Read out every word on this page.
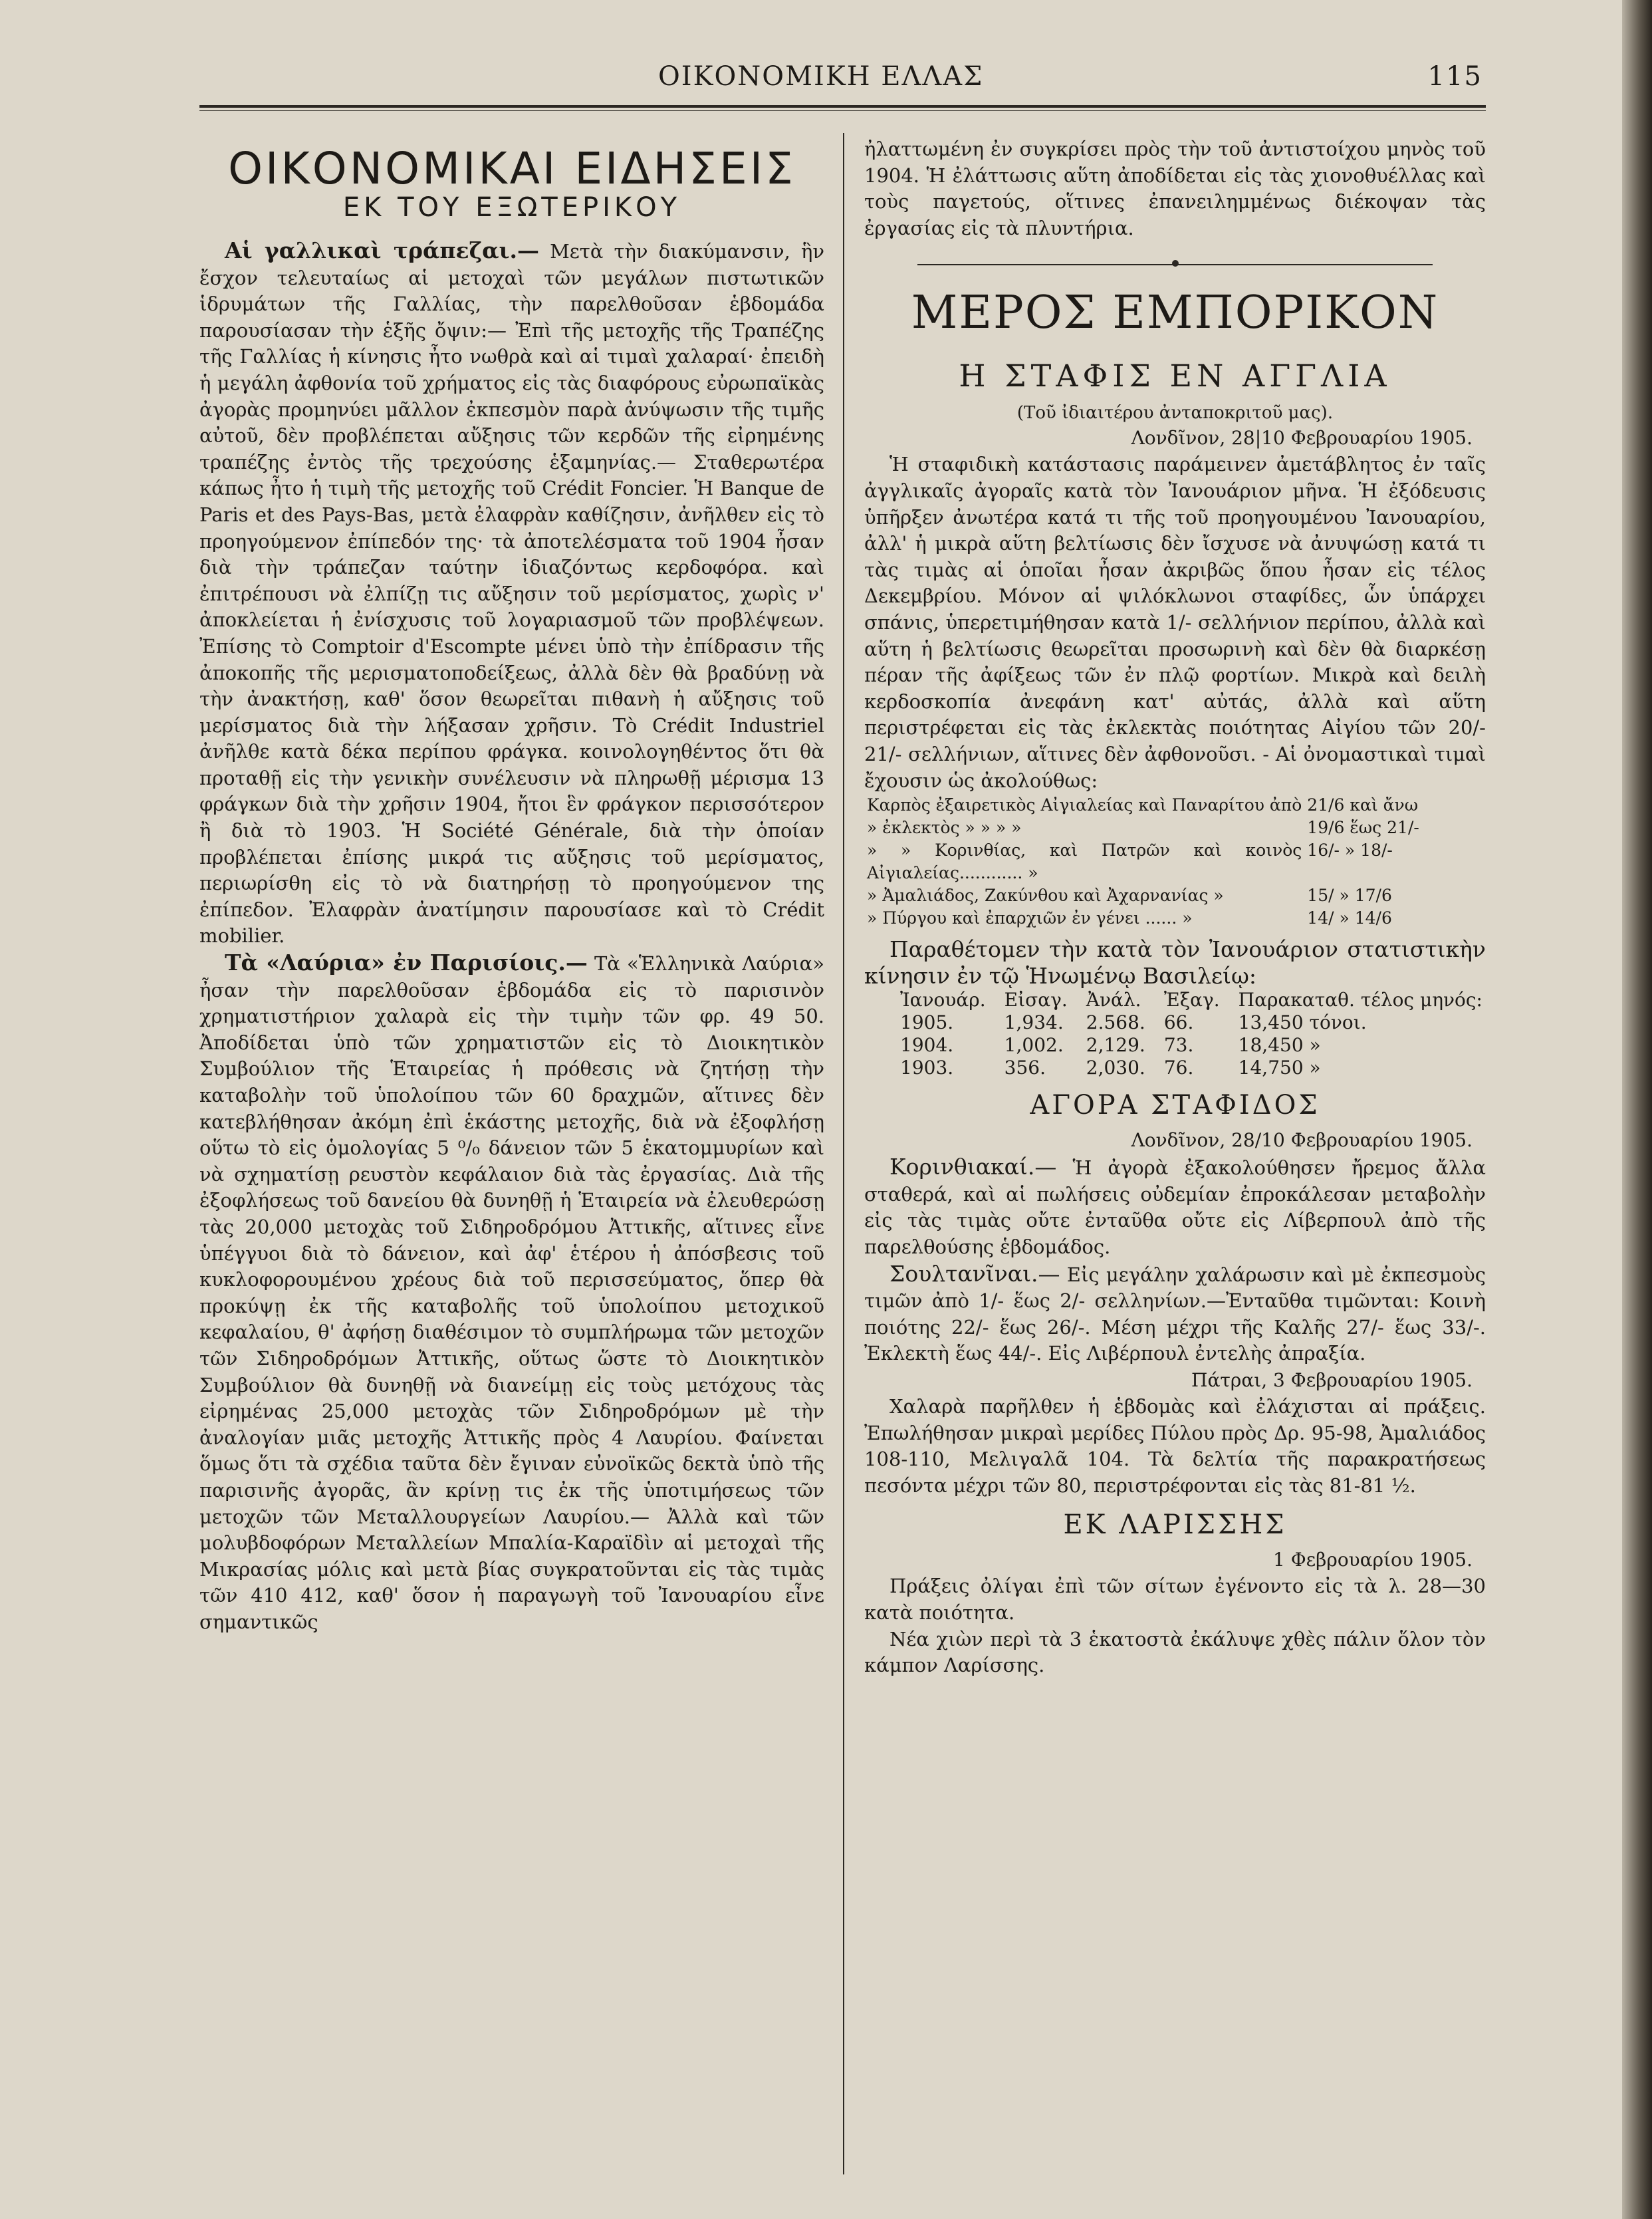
ΟΙΚΟΝΟΜΙΚΗ ΕΛΛΑΣ	115
ΟΙΚΟΝΟΜΙΚΑΙ ΕΙΔΗΣΕΙΣ
ΕΚ ΤΟΥ ΕΞΩΤΕΡΙΚΟΥ

Αἱ γαλλικαὶ τράπεζαι.— Μετὰ τὴν διακύμανσιν, ἣν ἔσχον τελευταίως αἱ μετοχαὶ τῶν μεγάλων πιστωτικῶν ἱδρυμάτων τῆς Γαλλίας, τὴν παρελθοῦσαν ἑβδομάδα παρουσίασαν τὴν ἑξῆς ὄψιν:— Ἐπὶ τῆς μετοχῆς τῆς Τραπέζης τῆς Γαλλίας ἡ κίνησις ἦτο νωθρὰ καὶ αἱ τιμαὶ χαλαραί· ἐπειδὴ ἡ μεγάλη ἀφθονία τοῦ χρήματος εἰς τὰς διαφόρους εὐρωπαϊκὰς ἀγορὰς προμηνύει μᾶλλον ἐκπεσμὸν παρὰ ἀνύψωσιν τῆς τιμῆς αὐτοῦ, δὲν προβλέπεται αὔξησις τῶν κερδῶν τῆς εἰρημένης τραπέζης ἐντὸς τῆς τρεχούσης ἑξαμηνίας.— Σταθερωτέρα κάπως ἦτο ἡ τιμὴ τῆς μετοχῆς τοῦ Crédit Foncier. Ἡ Banque de Paris et des Pays-Bas, μετὰ ἐλαφρὰν καθίζησιν, ἀνῆλθεν εἰς τὸ προηγούμενον ἐπίπεδόν της· τὰ ἀποτελέσματα τοῦ 1904 ἦσαν διὰ τὴν τράπεζαν ταύτην ἰδιαζόντως κερδοφόρα. καὶ ἐπιτρέπουσι νὰ ἐλπίζῃ τις αὔξησιν τοῦ μερίσματος, χωρὶς ν' ἀποκλείεται ἡ ἐνίσχυσις τοῦ λογαριασμοῦ τῶν προβλέψεων. Ἐπίσης τὸ Comptoir d'Escompte μένει ὑπὸ τὴν ἐπίδρασιν τῆς ἀποκοπῆς τῆς μερισματοποδείξεως, ἀλλὰ δὲν θὰ βραδύνῃ νὰ τὴν ἀνακτήσῃ, καθ' ὅσον θεωρεῖται πιθανὴ ἡ αὔξησις τοῦ μερίσματος διὰ τὴν λήξασαν χρῆσιν. Τὸ Crédit Industriel ἀνῆλθε κατὰ δέκα περίπου φράγκα. κοινολογηθέντος ὅτι θὰ προταθῇ εἰς τὴν γενικὴν συνέλευσιν νὰ πληρωθῇ μέρισμα 13 φράγκων διὰ τὴν χρῆσιν 1904, ἤτοι ἓν φράγκον περισσότερον ἢ διὰ τὸ 1903. Ἡ Société Générale, διὰ τὴν ὁποίαν προβλέπεται ἐπίσης μικρά τις αὔξησις τοῦ μερίσματος, περιωρίσθη εἰς τὸ νὰ διατηρήσῃ τὸ προηγούμενον της ἐπίπεδον. Ἐλαφρὰν ἀνατίμησιν παρουσίασε καὶ τὸ Crédit mobilier.

Τὰ «Λαύρια» ἐν Παρισίοις.— Τὰ «Ἑλληνικὰ Λαύρια» ἦσαν τὴν παρελθοῦσαν ἑβδομάδα εἰς τὸ παρισινὸν χρηματιστήριον χαλαρὰ εἰς τὴν τιμὴν τῶν φρ. 49 50. Ἀποδίδεται ὑπὸ τῶν χρηματιστῶν εἰς τὸ Διοικητικὸν Συμβούλιον τῆς Ἑταιρείας ἡ πρόθεσις νὰ ζητήσῃ τὴν καταβολὴν τοῦ ὑπολοίπου τῶν 60 δραχμῶν, αἵτινες δὲν κατεβλήθησαν ἀκόμη ἐπὶ ἑκάστης μετοχῆς, διὰ νὰ ἐξοφλήσῃ οὕτω τὸ εἰς ὁμολογίας 5 ⁰/₀ δάνειον τῶν 5 ἑκατομμυρίων καὶ νὰ σχηματίσῃ ρευστὸν κεφάλαιον διὰ τὰς ἐργασίας. Διὰ τῆς ἐξοφλήσεως τοῦ δανείου θὰ δυνηθῇ ἡ Ἑταιρεία νὰ ἐλευθερώσῃ τὰς 20,000 μετοχὰς τοῦ Σιδηροδρόμου Ἀττικῆς, αἵτινες εἶνε ὑπέγγυοι διὰ τὸ δάνειον, καὶ ἀφ' ἑτέρου ἡ ἀπόσβεσις τοῦ κυκλοφορουμένου χρέους διὰ τοῦ περισσεύματος, ὅπερ θὰ προκύψῃ ἐκ τῆς καταβολῆς τοῦ ὑπολοίπου μετοχικοῦ κεφαλαίου, θ' ἀφήσῃ διαθέσιμον τὸ συμπλήρωμα τῶν μετοχῶν τῶν Σιδηροδρόμων Ἀττικῆς, οὕτως ὥστε τὸ Διοικητικὸν Συμβούλιον θὰ δυνηθῇ νὰ διανείμῃ εἰς τοὺς μετόχους τὰς εἰρημένας 25,000 μετοχὰς τῶν Σιδηροδρόμων μὲ τὴν ἀναλογίαν μιᾶς μετοχῆς Ἀττικῆς πρὸς 4 Λαυρίου. Φαίνεται ὅμως ὅτι τὰ σχέδια ταῦτα δὲν ἔγιναν εὐνοϊκῶς δεκτὰ ὑπὸ τῆς παρισινῆς ἀγορᾶς, ἂν κρίνῃ τις ἐκ τῆς ὑποτιμήσεως τῶν μετοχῶν τῶν Μεταλλουργείων Λαυρίου.— Ἀλλὰ καὶ τῶν μολυβδοφόρων Μεταλλείων Μπαλία-Καραϊδὶν αἱ μετοχαὶ τῆς Μικρασίας μόλις καὶ μετὰ βίας συγκρατοῦνται εἰς τὰς τιμὰς τῶν 410 412, καθ' ὅσον ἡ παραγωγὴ τοῦ Ἰανουαρίου εἶνε σημαντικῶς

ἠλαττωμένη ἐν συγκρίσει πρὸς τὴν τοῦ ἀντιστοίχου μηνὸς τοῦ 1904. Ἡ ἐλάττωσις αὕτη ἀποδίδεται εἰς τὰς χιονοθυέλλας καὶ τοὺς παγετούς, οἵτινες ἐπανειλημμένως διέκοψαν τὰς ἐργασίας εἰς τὰ πλυντήρια.

ΜΕΡΟΣ ΕΜΠΟΡΙΚΟΝ
Η ΣΤΑΦΙΣ ΕΝ ΑΓΓΛΙΑ
(Τοῦ ἰδιαιτέρου ἀνταποκριτοῦ μας).
Λονδῖνον, 28|10 Φεβρουαρίου 1905.

Ἡ σταφιδικὴ κατάστασις παράμεινεν ἀμετάβλητος ἐν ταῖς ἀγγλικαῖς ἀγοραῖς κατὰ τὸν Ἰανουάριον μῆνα. Ἡ ἐξόδευσις ὑπῆρξεν ἀνωτέρα κατά τι τῆς τοῦ προηγουμένου Ἰανουαρίου, ἀλλ' ἡ μικρὰ αὕτη βελτίωσις δὲν ἴσχυσε νὰ ἀνυψώσῃ κατά τι τὰς τιμὰς αἱ ὁποῖαι ἦσαν ἀκριβῶς ὅπου ἦσαν εἰς τέλος Δεκεμβρίου. Μόνον αἱ ψιλόκλωνοι σταφίδες, ὧν ὑπάρχει σπάνις, ὑπερετιμήθησαν κατὰ 1/- σελλήνιον περίπου, ἀλλὰ καὶ αὕτη ἡ βελτίωσις θεωρεῖται προσωρινὴ καὶ δὲν θὰ διαρκέσῃ πέραν τῆς ἀφίξεως τῶν ἐν πλῷ φορτίων. Μικρὰ καὶ δειλὴ κερδοσκοπία ἀνεφάνη κατ' αὐτάς, ἀλλὰ καὶ αὕτη περιστρέφεται εἰς τὰς ἐκλεκτὰς ποιότητας Αἰγίου τῶν 20/- 21/- σελλήνιων, αἵτινες δὲν ἀφθονοῦσι. - Αἱ ὀνομαστικαὶ τιμαὶ ἔχουσιν ὡς ἀκολούθως:

Καρπὸς ἐξαιρετικὸς Αἰγιαλείας καὶ Παναρίτου ἀπὸ	21/6 καὶ ἄνω
» ἐκλεκτὸς » » » »	19/6 ἕως 21/-
» » Κορινθίας, καὶ Πατρῶν καὶ κοινὸς Αἰγιαλείας............ »	16/- » 18/-
» Ἀμαλιάδος, Ζακύνθου καὶ Ἀχαρνανίας »	15/ » 17/6
» Πύργου καὶ ἐπαρχιῶν ἐν γένει ...... »	14/ » 14/6

Παραθέτομεν τὴν κατὰ τὸν Ἰανουάριον στατιστικὴν κίνησιν ἐν τῷ Ἡνωμένῳ Βασιλείῳ:

Ἰανουάρ.	Εἰσαγ.	Ἀνάλ.	Ἐξαγ.	Παρακαταθ. τέλος μηνός:
1905.	1,934.	2.568.	66.	13,450 τόνοι.
1904.	1,002.	2,129.	73.	18,450 »
1903.	356.	2,030.	76.	14,750 »
ΑΓΟΡΑ ΣΤΑΦΙΔΟΣ
Λονδῖνον, 28/10 Φεβρουαρίου 1905.

Κορινθιακαί.— Ἡ ἀγορὰ ἐξακολούθησεν ἤρεμος ἄλλα σταθερά, καὶ αἱ πωλήσεις οὐδεμίαν ἐπροκάλεσαν μεταβολὴν εἰς τὰς τιμὰς οὔτε ἐνταῦθα οὔτε εἰς Λίβερπουλ ἀπὸ τῆς παρελθούσης ἑβδομάδος.

Σουλτανῖναι.— Εἰς μεγάλην χαλάρωσιν καὶ μὲ ἐκπεσμοὺς τιμῶν ἀπὸ 1/- ἕως 2/- σελληνίων.—Ἐνταῦθα τιμῶνται: Κοινὴ ποιότης 22/- ἕως 26/-. Μέση μέχρι τῆς Καλῆς 27/- ἕως 33/-. Ἐκλεκτὴ ἕως 44/-. Εἰς Λιβέρπουλ ἐντελὴς ἀπραξία.

Πάτραι, 3 Φεβρουαρίου 1905.

Χαλαρὰ παρῆλθεν ἡ ἑβδομὰς καὶ ἐλάχισται αἱ πράξεις. Ἐπωλήθησαν μικραὶ μερίδες Πύλου πρὸς Δρ. 95-98, Ἀμαλιάδος 108-110, Μελιγαλᾶ 104. Τὰ δελτία τῆς παρακρατήσεως πεσόντα μέχρι τῶν 80, περιστρέφονται εἰς τὰς 81-81 ½.

ΕΚ ΛΑΡΙΣΣΗΣ
1 Φεβρουαρίου 1905.

Πράξεις ὀλίγαι ἐπὶ τῶν σίτων ἐγένοντο εἰς τὰ λ. 28—30 κατὰ ποιότητα.

Νέα χιὼν περὶ τὰ 3 ἑκατοστὰ ἐκάλυψε χθὲς πάλιν ὅλον τὸν κάμπον Λαρίσσης.
